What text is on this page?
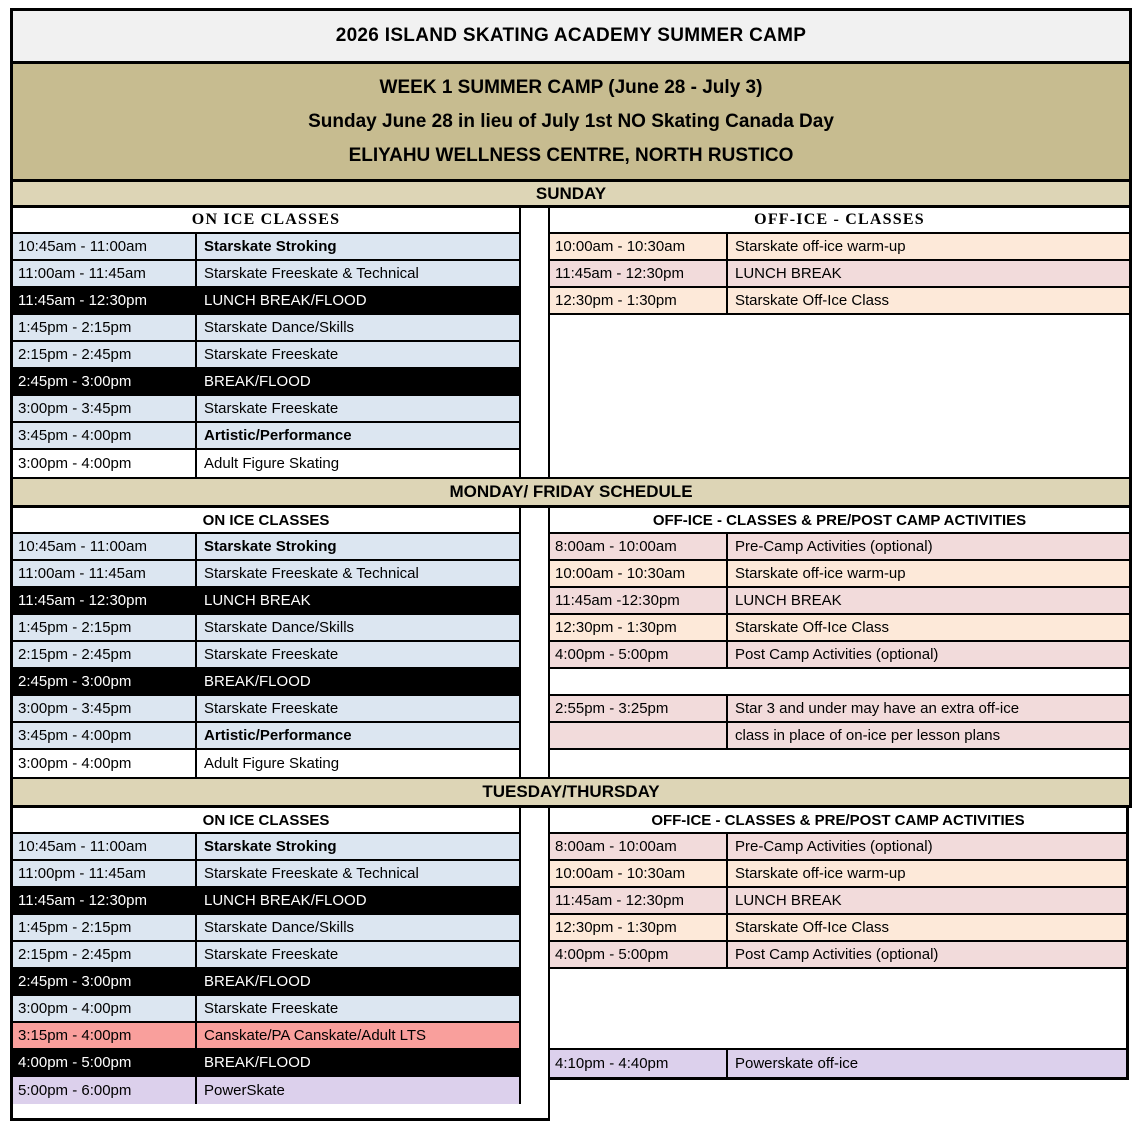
2026 ISLAND SKATING ACADEMY SUMMER CAMP
WEEK 1 SUMMER CAMP (June 28 - July 3)
Sunday June 28 in lieu of July 1st NO Skating Canada Day
ELIYAHU WELLNESS CENTRE, NORTH RUSTICO
SUNDAY
ON ICE CLASSES
10:45am - 11:00am	Starskate Stroking
11:00am - 11:45am	Starskate Freeskate & Technical
11:45am - 12:30pm	LUNCH BREAK/FLOOD
1:45pm - 2:15pm	Starskate Dance/Skills
2:15pm - 2:45pm	Starskate Freeskate
2:45pm - 3:00pm	BREAK/FLOOD
3:00pm - 3:45pm	Starskate Freeskate
3:45pm - 4:00pm	Artistic/Performance
3:00pm - 4:00pm	Adult Figure Skating
OFF-ICE - CLASSES
10:00am - 10:30am	Starskate off-ice warm-up
11:45am - 12:30pm	LUNCH BREAK
12:30pm - 1:30pm	Starskate Off-Ice Class
MONDAY/ FRIDAY SCHEDULE
ON ICE CLASSES
10:45am - 11:00am	Starskate Stroking
11:00am - 11:45am	Starskate Freeskate & Technical
11:45am - 12:30pm	LUNCH BREAK
1:45pm - 2:15pm	Starskate Dance/Skills
2:15pm - 2:45pm	Starskate Freeskate
2:45pm - 3:00pm	BREAK/FLOOD
3:00pm - 3:45pm	Starskate Freeskate
3:45pm - 4:00pm	Artistic/Performance
3:00pm - 4:00pm	Adult Figure Skating
OFF-ICE - CLASSES & PRE/POST CAMP ACTIVITIES
8:00am - 10:00am	Pre-Camp Activities (optional)
10:00am - 10:30am	Starskate off-ice warm-up
11:45am -12:30pm	LUNCH BREAK
12:30pm - 1:30pm	Starskate Off-Ice Class
4:00pm - 5:00pm	Post Camp Activities (optional)
2:55pm - 3:25pm	Star 3 and under may have an extra off-ice
class in place of on-ice per lesson plans
TUESDAY/THURSDAY
ON ICE CLASSES
10:45am - 11:00am	Starskate Stroking
11:00pm - 11:45am	Starskate Freeskate & Technical
11:45am - 12:30pm	LUNCH BREAK/FLOOD
1:45pm - 2:15pm	Starskate Dance/Skills
2:15pm - 2:45pm	Starskate Freeskate
2:45pm - 3:00pm	BREAK/FLOOD
3:00pm - 4:00pm	Starskate Freeskate
3:15pm - 4:00pm	Canskate/PA Canskate/Adult LTS
4:00pm - 5:00pm	BREAK/FLOOD
5:00pm - 6:00pm	PowerSkate
OFF-ICE - CLASSES & PRE/POST CAMP ACTIVITIES
8:00am - 10:00am	Pre-Camp Activities (optional)
10:00am - 10:30am	Starskate off-ice warm-up
11:45am - 12:30pm	LUNCH BREAK
12:30pm - 1:30pm	Starskate Off-Ice Class
4:00pm - 5:00pm	Post Camp Activities (optional)
4:10pm - 4:40pm	Powerskate off-ice
